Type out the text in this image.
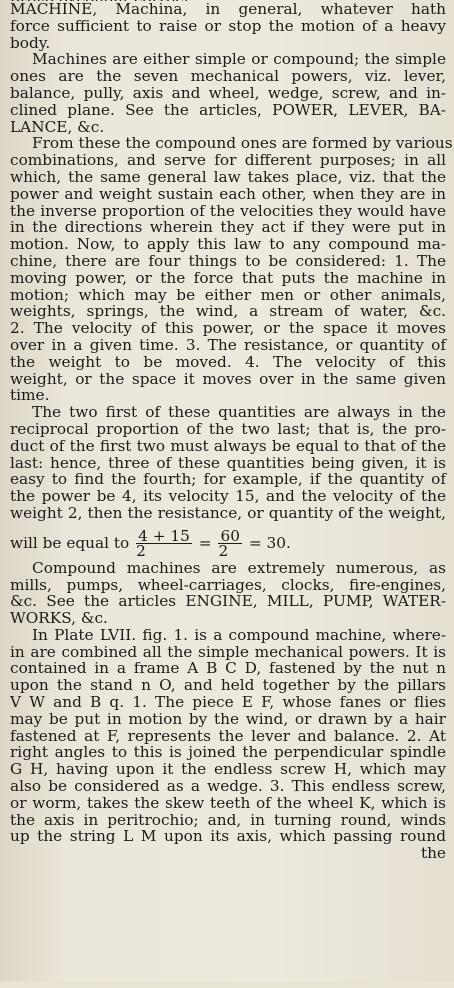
MACHINE, Machina, in general, whatever hath
force sufficient to raise or stop the motion of a heavy
body.
Machines are either simple or compound; the simple
ones are the seven mechanical powers, viz. lever,
balance, pully, axis and wheel, wedge, screw, and in-
clined plane. See the articles, POWER, LEVER, BA-
LANCE, &c.
From these the compound ones are formed by various
combinations, and serve for different purposes; in all
which, the same general law takes place, viz. that the
power and weight sustain each other, when they are in
the inverse proportion of the velocities they would have
in the directions wherein they act if they were put in
motion. Now, to apply this law to any compound ma-
chine, there are four things to be considered: 1. The
moving power, or the force that puts the machine in
motion; which may be either men or other animals,
weights, springs, the wind, a stream of water, &c.
2. The velocity of this power, or the space it moves
over in a given time. 3. The resistance, or quantity of
the weight to be moved. 4. The velocity of this
weight, or the space it moves over in the same given
time.
The two first of these quantities are always in the
reciprocal proportion of the two last; that is, the pro-
duct of the first two must always be equal to that of the
last: hence, three of these quantities being given, it is
easy to find the fourth; for example, if the quantity of
the power be 4, its velocity 15, and the velocity of the
weight 2, then the resistance, or quantity of the weight,
will be equal to $\frac{4 + 15}{2} = \frac{60}{2} = 30$.
Compound machines are extremely numerous, as
mills, pumps, wheel-carriages, clocks, fire-engines,
&c. See the articles ENGINE, MILL, PUMP, WATER-
WORKS, &c.
In Plate LVII. fig. 1. is a compound machine, where-
in are combined all the simple mechanical powers. It is
contained in a frame A B C D, fastened by the nut n
upon the stand n O, and held together by the pillars
V W and B q. 1. The piece E F, whose fanes or flies
may be put in motion by the wind, or drawn by a hair
fastened at F, represents the lever and balance. 2. At
right angles to this is joined the perpendicular spindle
G H, having upon it the endless screw H, which may
also be considered as a wedge. 3. This endless screw,
or worm, takes the skew teeth of the wheel K, which is
the axis in peritrochio; and, in turning round, winds
up the string L M upon its axis, which passing round
the
